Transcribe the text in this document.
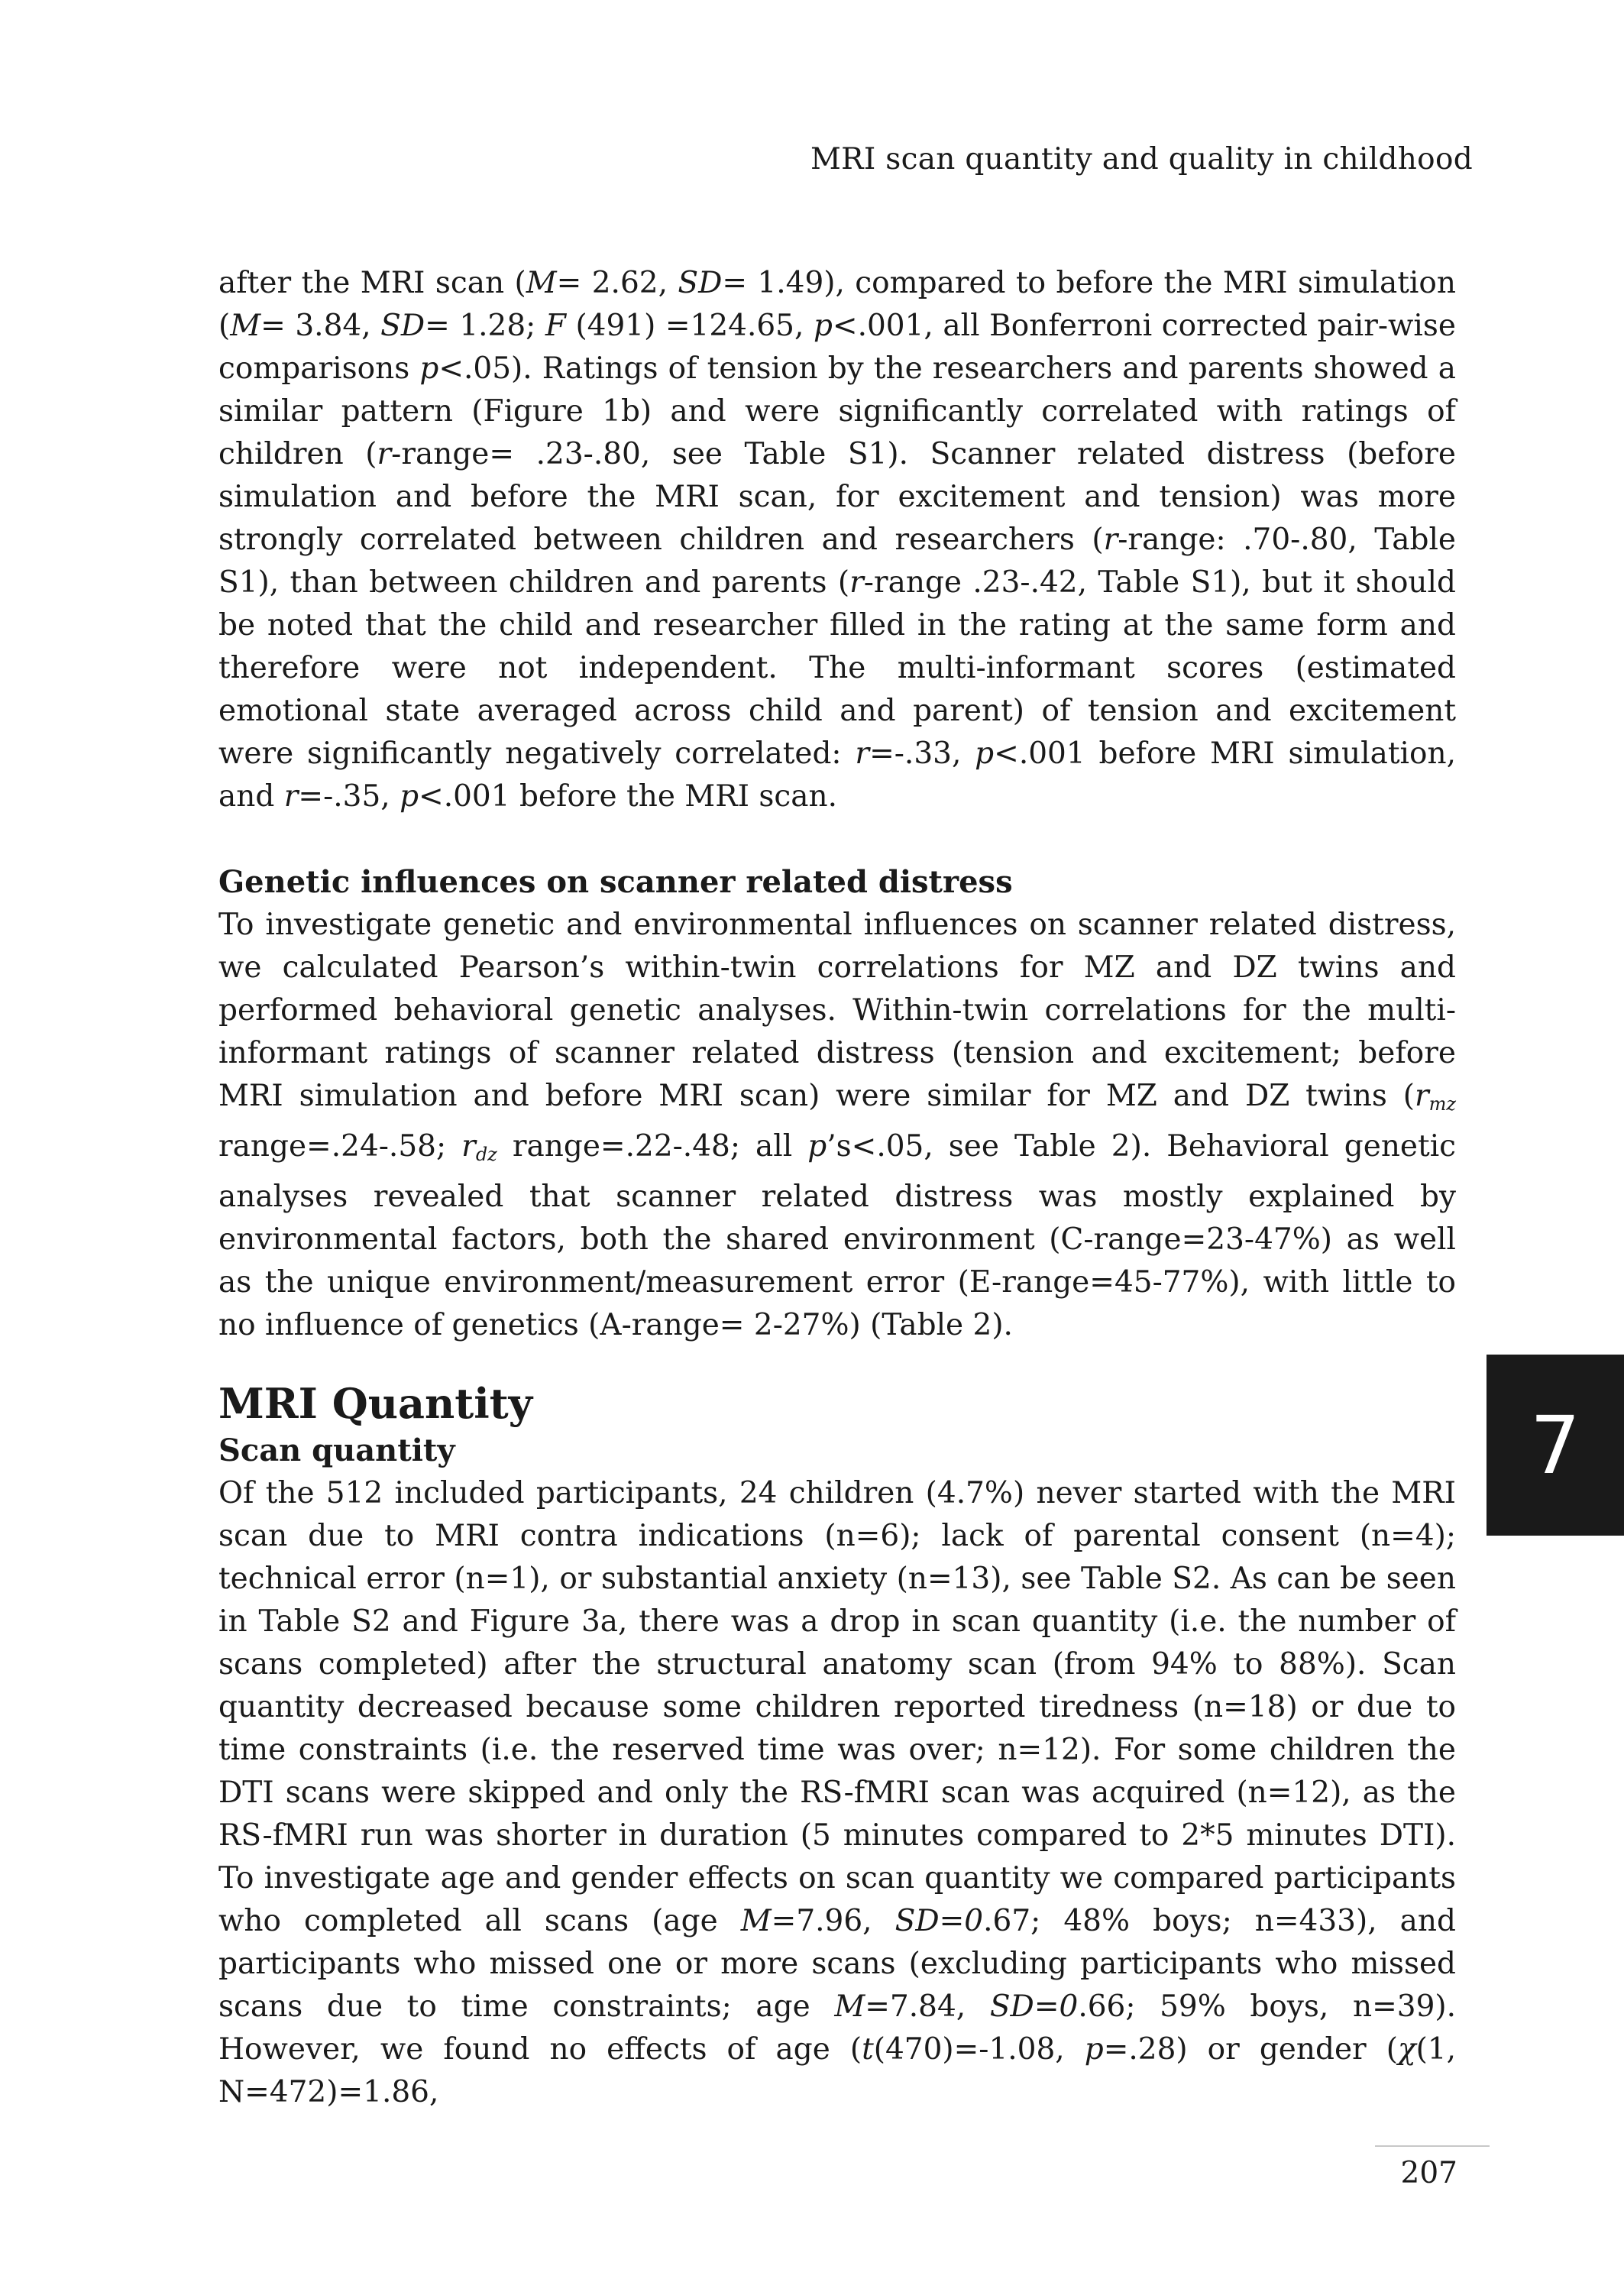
MRI scan quantity and quality in childhood

after the MRI scan (M= 2.62, SD= 1.49), compared to before the MRI simulation (M= 3.84, SD= 1.28; F (491) =124.65, p<.001, all Bonferroni corrected pair-wise comparisons p<.05). Ratings of tension by the researchers and parents showed a similar pattern (Figure 1b) and were significantly correlated with ratings of children (r-range= .23-.80, see Table S1). Scanner related distress (before simulation and before the MRI scan, for excitement and tension) was more strongly correlated between children and researchers (r-range: .70-.80, Table S1), than between children and parents (r-range .23-.42, Table S1), but it should be noted that the child and researcher filled in the rating at the same form and therefore were not independent. The multi-informant scores (estimated emotional state averaged across child and parent) of tension and excitement were significantly negatively correlated: r=-.33, p<.001 before MRI simulation, and r=-.35, p<.001 before the MRI scan.

Genetic influences on scanner related distress

To investigate genetic and environmental influences on scanner related distress, we calculated Pearson’s within-twin correlations for MZ and DZ twins and performed behavioral genetic analyses. Within-twin correlations for the multi-informant ratings of scanner related distress (tension and excitement; before MRI simulation and before MRI scan) were similar for MZ and DZ twins ($r_{mz}$ range=.24-.58; $r_{dz}$ range=.22-.48; all p’s<.05, see Table 2). Behavioral genetic analyses revealed that scanner related distress was mostly explained by environmental factors, both the shared environment (C-range=23-47%) as well as the unique environment/measurement error (E-range=45-77%), with little to no influence of genetics (A-range= 2-27%) (Table 2).

MRI Quantity

Scan quantity

Of the 512 included participants, 24 children (4.7%) never started with the MRI scan due to MRI contra indications (n=6); lack of parental consent (n=4); technical error (n=1), or substantial anxiety (n=13), see Table S2. As can be seen in Table S2 and Figure 3a, there was a drop in scan quantity (i.e. the number of scans completed) after the structural anatomy scan (from 94% to 88%). Scan quantity decreased because some children reported tiredness (n=18) or due to time constraints (i.e. the reserved time was over; n=12). For some children the DTI scans were skipped and only the RS-fMRI scan was acquired (n=12), as the RS-fMRI run was shorter in duration (5 minutes compared to 2*5 minutes DTI). To investigate age and gender effects on scan quantity we compared participants who completed all scans (age M=7.96, SD=0.67; 48% boys; n=433), and participants who missed one or more scans (excluding participants who missed scans due to time constraints; age M=7.84, SD=0.66; 59% boys, n=39). However, we found no effects of age (t(470)=-1.08, p=.28) or gender (χ(1, N=472)=1.86,

7
207
